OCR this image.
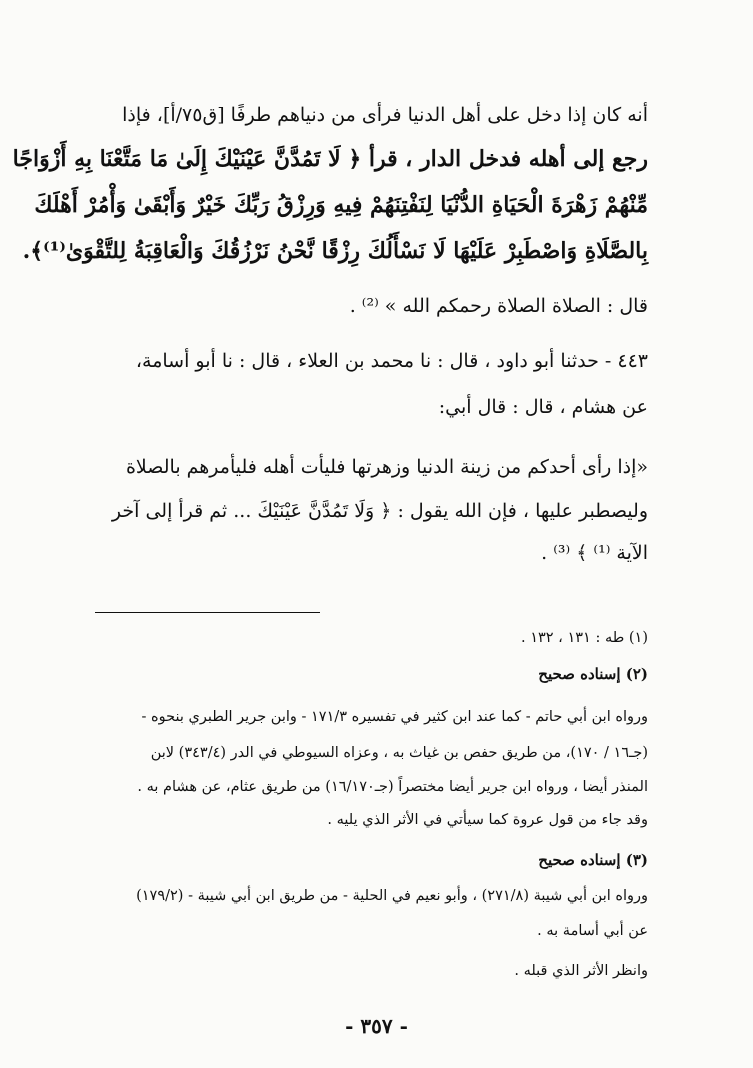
أنه كان إذا دخل على أهل الدنيا فرأى من دنياهم طرفًا [ق٧٥/أ]، فإذا
رجع إلى أهله فدخل الدار ، قرأ ﴿ لَا تَمُدَّنَّ عَيْنَيْكَ إِلَىٰ مَا مَتَّعْنَا بِهِ أَزْوَاجًا
مِّنْهُمْ زَهْرَةَ الْحَيَاةِ الدُّنْيَا لِنَفْتِنَهُمْ فِيهِ وَرِزْقُ رَبِّكَ خَيْرٌ وَأَبْقَىٰ وَأْمُرْ أَهْلَكَ
بِالصَّلَاةِ وَاصْطَبِرْ عَلَيْهَا لَا نَسْأَلُكَ رِزْقًا نَّحْنُ نَرْزُقُكَ وَالْعَاقِبَةُ لِلتَّقْوَىٰ⁽¹⁾﴾.
قال : الصلاة الصلاة رحمكم الله » ⁽²⁾ .
٤٤٣ - حدثنا أبو داود ، قال : نا محمد بن العلاء ، قال : نا أبو أسامة،
عن هشام ، قال : قال أبي:
«إذا رأى أحدكم من زينة الدنيا وزهرتها فليأت أهله فليأمرهم بالصلاة
وليصطبر عليها ، فإن الله يقول : ﴿ وَلَا تَمُدَّنَّ عَيْنَيْكَ ... ثم قرأ إلى آخر
الآية ⁽¹⁾ ﴾ ⁽³⁾ .
(١) طه : ١٣١ ، ١٣٢ .
(٢) إسناده صحيح
ورواه ابن أبي حاتم - كما عند ابن كثير في تفسيره ١٧١/٣ - وابن جرير الطبري بنحوه -
(جـ١٦ / ١٧٠)، من طريق حفص بن غياث به ، وعزاه السيوطي في الدر (٣٤٣/٤) لابن
المنذر أيضا ، ورواه ابن جرير أيضا مختصراً (جـ١٦/١٧٠) من طريق عثام، عن هشام به .
وقد جاء من قول عروة كما سيأتي في الأثر الذي يليه .
(٣) إسناده صحيح
ورواه ابن أبي شيبة (٢٧١/٨) ، وأبو نعيم في الحلية - من طريق ابن أبي شيبة - (١٧٩/٢)
عن أبي أسامة به .
وانظر الأثر الذي قبله .
- ٣٥٧ -
